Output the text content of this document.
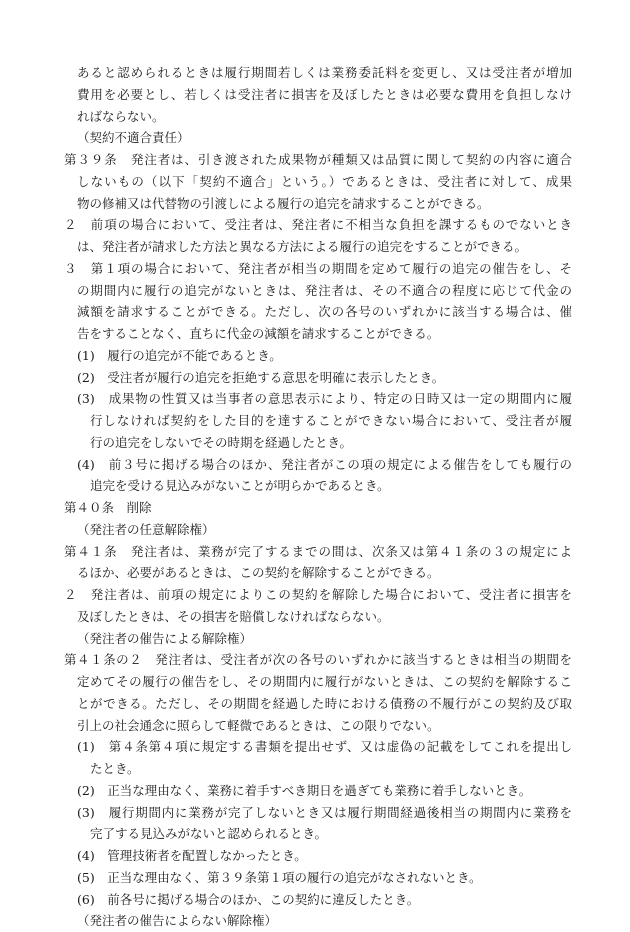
あると認められるときは履行期間若しくは業務委託料を変更し、又は受注者が増加
費用を必要とし、若しくは受注者に損害を及ぼしたときは必要な費用を負担しなけ
ればならない。
（契約不適合責任）
第３９条　発注者は、引き渡された成果物が種類又は品質に関して契約の内容に適合
しないもの（以下「契約不適合」という。）であるときは、受注者に対して、成果
物の修補又は代替物の引渡しによる履行の追完を請求することができる。
２　前項の場合において、受注者は、発注者に不相当な負担を課するものでないとき
は、発注者が請求した方法と異なる方法による履行の追完をすることができる。
３　第１項の場合において、発注者が相当の期間を定めて履行の追完の催告をし、そ
の期間内に履行の追完がないときは、発注者は、その不適合の程度に応じて代金の
減額を請求することができる。ただし、次の各号のいずれかに該当する場合は、催
告をすることなく、直ちに代金の減額を請求することができる。
(1)　履行の追完が不能であるとき。
(2)　受注者が履行の追完を拒絶する意思を明確に表示したとき。
(3)　成果物の性質又は当事者の意思表示により、特定の日時又は一定の期間内に履
行しなければ契約をした目的を達することができない場合において、受注者が履
行の追完をしないでその時期を経過したとき。
(4)　前３号に掲げる場合のほか、発注者がこの項の規定による催告をしても履行の
追完を受ける見込みがないことが明らかであるとき。
第４０条　削除
（発注者の任意解除権）
第４１条　発注者は、業務が完了するまでの間は、次条又は第４１条の３の規定によ
るほか、必要があるときは、この契約を解除することができる。
２　発注者は、前項の規定によりこの契約を解除した場合において、受注者に損害を
及ぼしたときは、その損害を賠償しなければならない。
（発注者の催告による解除権）
第４１条の２　発注者は、受注者が次の各号のいずれかに該当するときは相当の期間を
定めてその履行の催告をし、その期間内に履行がないときは、この契約を解除するこ
とができる。ただし、その期間を経過した時における債務の不履行がこの契約及び取
引上の社会通念に照らして軽微であるときは、この限りでない。
(1)　第４条第４項に規定する書類を提出せず、又は虚偽の記載をしてこれを提出し
たとき。
(2)　正当な理由なく、業務に着手すべき期日を過ぎても業務に着手しないとき。
(3)　履行期間内に業務が完了しないとき又は履行期間経過後相当の期間内に業務を
完了する見込みがないと認められるとき。
(4)　管理技術者を配置しなかったとき。
(5)　正当な理由なく、第３９条第１項の履行の追完がなされないとき。
(6)　前各号に掲げる場合のほか、この契約に違反したとき。
（発注者の催告によらない解除権）
